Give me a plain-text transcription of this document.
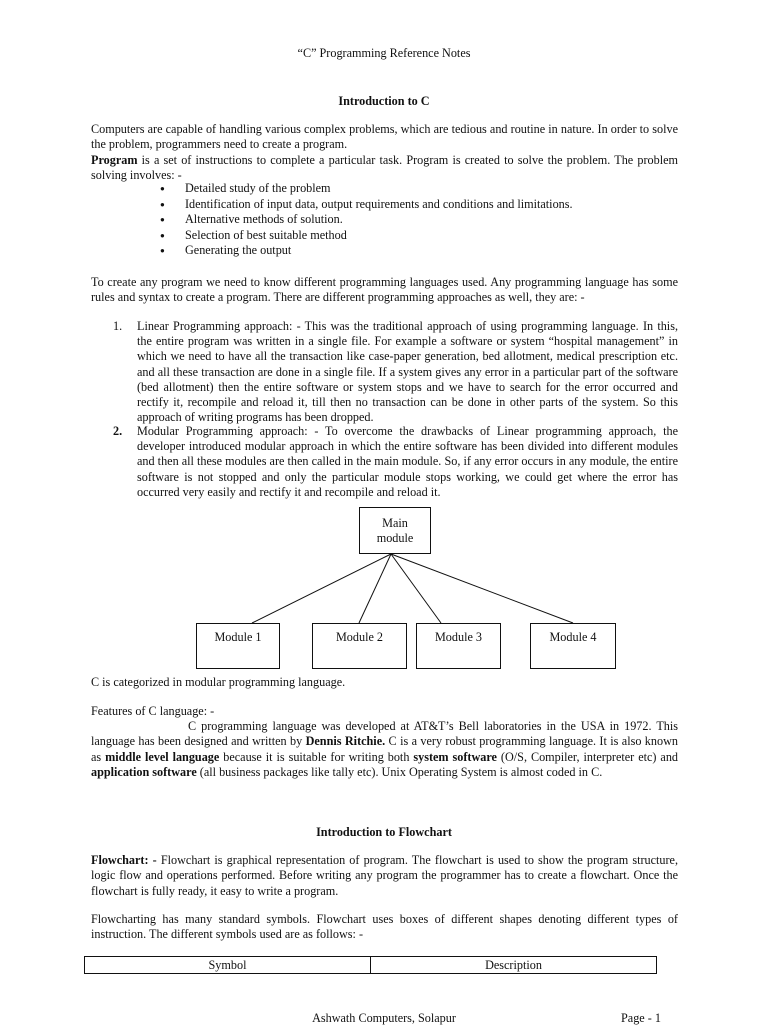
“C” Programming Reference Notes
Introduction to C
Computers are capable of handling various complex problems, which are tedious and routine in nature. In order to solve the problem, programmers need to create a program.
Program is a set of instructions to complete a particular task. Program is created to solve the problem. The problem solving involves: -
● Detailed study of the problem
● Identification of input data, output requirements and conditions and limitations.
● Alternative methods of solution.
● Selection of best suitable method
● Generating the output
To create any program we need to know different programming languages used. Any programming language has some rules and syntax to create a program. There are different programming approaches as well, they are: -
1. Linear Programming approach: - This was the traditional approach of using programming language. In this, the entire program was written in a single file. For example a software or system “hospital management” in which we need to have all the transaction like case-paper generation, bed allotment, medical prescription etc. and all these transaction are done in a single file. If a system gives any error in a particular part of the software (bed allotment) then the entire software or system stops and we have to search for the error occurred and rectify it, recompile and reload it, till then no transaction can be done in other parts of the system. So this approach of writing programs has been dropped.
2. Modular Programming approach: - To overcome the drawbacks of Linear programming approach, the developer introduced modular approach in which the entire software has been divided into different modules and then all these modules are then called in the main module. So, if any error occurs in any module, the entire software is not stopped and only the particular module stops working, we could get where the error has occurred very easily and rectify it and recompile and reload it.
Main
module
Module 1	Module 2	Module 3	Module 4
C is categorized in modular programming language.
Features of C language: -
C programming language was developed at AT&T’s Bell laboratories in the USA in 1972. This language has been designed and written by Dennis Ritchie. C is a very robust programming language. It is also known as middle level language because it is suitable for writing both system software (O/S, Compiler, interpreter etc) and application software (all business packages like tally etc). Unix Operating System is almost coded in C.
Introduction to Flowchart
Flowchart: - Flowchart is graphical representation of program. The flowchart is used to show the program structure, logic flow and operations performed. Before writing any program the programmer has to create a flowchart. Once the flowchart is fully ready, it easy to write a program.
Flowcharting has many standard symbols. Flowchart uses boxes of different shapes denoting different types of instruction. The different symbols used are as follows: -
Symbol	Description
Ashwath Computers, Solapur	Page - 1
